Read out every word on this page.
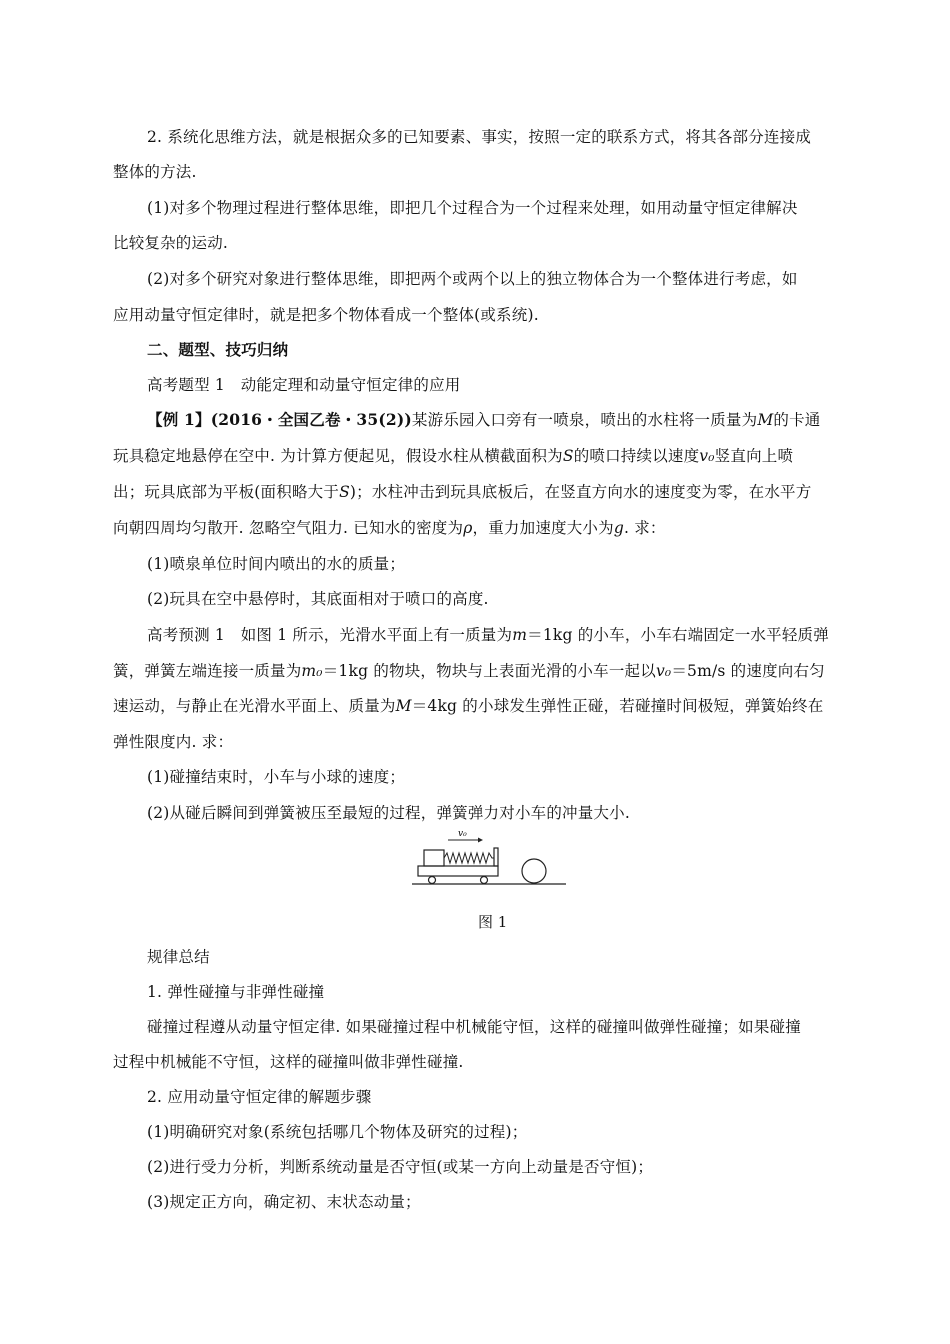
2. 系统化思维方法，就是根据众多的已知要素、事实，按照一定的联系方式，将其各部分连接成
整体的方法.
(1)对多个物理过程进行整体思维，即把几个过程合为一个过程来处理，如用动量守恒定律解决
比较复杂的运动.
(2)对多个研究对象进行整体思维，即把两个或两个以上的独立物体合为一个整体进行考虑，如
应用动量守恒定律时，就是把多个物体看成一个整体(或系统).
二、题型、技巧归纳
高考题型 1　动能定理和动量守恒定律的应用
【例 1】(2016・全国乙卷・35(2))某游乐园入口旁有一喷泉，喷出的水柱将一质量为M的卡通
玩具稳定地悬停在空中. 为计算方便起见，假设水柱从横截面积为S的喷口持续以速度v₀竖直向上喷
出；玩具底部为平板(面积略大于S)；水柱冲击到玩具底板后，在竖直方向水的速度变为零，在水平方
向朝四周均匀散开. 忽略空气阻力. 已知水的密度为ρ，重力加速度大小为g. 求：
(1)喷泉单位时间内喷出的水的质量；
(2)玩具在空中悬停时，其底面相对于喷口的高度.
高考预测 1　如图 1 所示，光滑水平面上有一质量为m＝1kg 的小车，小车右端固定一水平轻质弹
簧，弹簧左端连接一质量为m₀＝1kg 的物块，物块与上表面光滑的小车一起以v₀＝5m/s 的速度向右匀
速运动，与静止在光滑水平面上、质量为M＝4kg 的小球发生弹性正碰，若碰撞时间极短，弹簧始终在
弹性限度内. 求：
(1)碰撞结束时，小车与小球的速度；
(2)从碰后瞬间到弹簧被压至最短的过程，弹簧弹力对小车的冲量大小.
v₀
图 1
规律总结
1. 弹性碰撞与非弹性碰撞
碰撞过程遵从动量守恒定律. 如果碰撞过程中机械能守恒，这样的碰撞叫做弹性碰撞；如果碰撞
过程中机械能不守恒，这样的碰撞叫做非弹性碰撞.
2. 应用动量守恒定律的解题步骤
(1)明确研究对象(系统包括哪几个物体及研究的过程)；
(2)进行受力分析，判断系统动量是否守恒(或某一方向上动量是否守恒)；
(3)规定正方向，确定初、末状态动量；
